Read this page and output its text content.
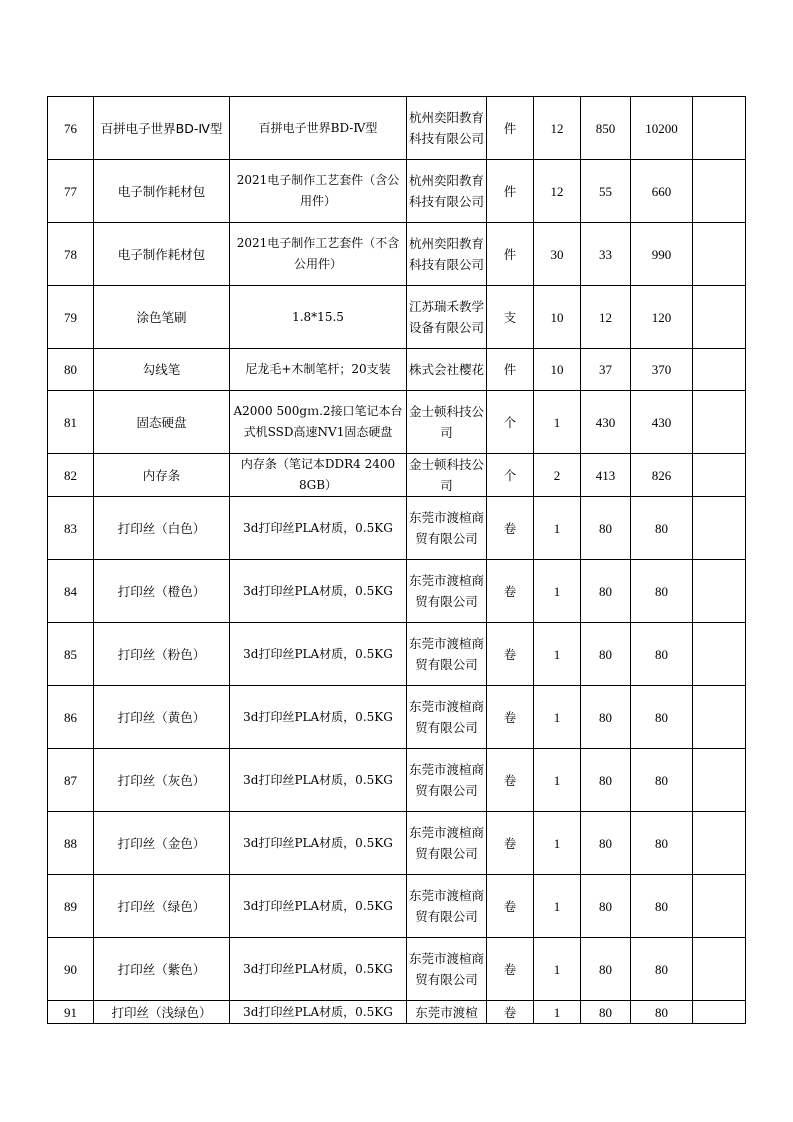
76	百拼电子世界BD-Ⅳ型	百拼电子世界BD-Ⅳ型	杭州奕阳教育科技有限公司	件	12	850	10200	
77	电子制作耗材包	2021电子制作工艺套件（含公用件）	杭州奕阳教育科技有限公司	件	12	55	660	
78	电子制作耗材包	2021电子制作工艺套件（不含公用件）	杭州奕阳教育科技有限公司	件	30	33	990	
79	涂色笔刷	1.8*15.5	江苏瑞禾教学设备有限公司	支	10	12	120	
80	勾线笔	尼龙毛+木制笔杆；20支装	株式会社樱花	件	10	37	370	
81	固态硬盘	A2000 500gｍ.2接口笔记本台式机SSD高速NV1固态硬盘	金士顿科技公司	个	1	430	430	
82	内存条	内存条（笔记本DDR4 2400 8GB）	金士顿科技公司	个	2	413	826	
83	打印丝（白色）	3d打印丝PLA材质，0.5KG	东莞市渡楦商贸有限公司	卷	1	80	80	
84	打印丝（橙色）	3d打印丝PLA材质，0.5KG	东莞市渡楦商贸有限公司	卷	1	80	80	
85	打印丝（粉色）	3d打印丝PLA材质，0.5KG	东莞市渡楦商贸有限公司	卷	1	80	80	
86	打印丝（黄色）	3d打印丝PLA材质，0.5KG	东莞市渡楦商贸有限公司	卷	1	80	80	
87	打印丝（灰色）	3d打印丝PLA材质，0.5KG	东莞市渡楦商贸有限公司	卷	1	80	80	
88	打印丝（金色）	3d打印丝PLA材质，0.5KG	东莞市渡楦商贸有限公司	卷	1	80	80	
89	打印丝（绿色）	3d打印丝PLA材质，0.5KG	东莞市渡楦商贸有限公司	卷	1	80	80	
90	打印丝（紫色）	3d打印丝PLA材质，0.5KG	东莞市渡楦商贸有限公司	卷	1	80	80	
91	打印丝（浅绿色）	3d打印丝PLA材质，0.5KG	东莞市渡楦	卷	1	80	80	
